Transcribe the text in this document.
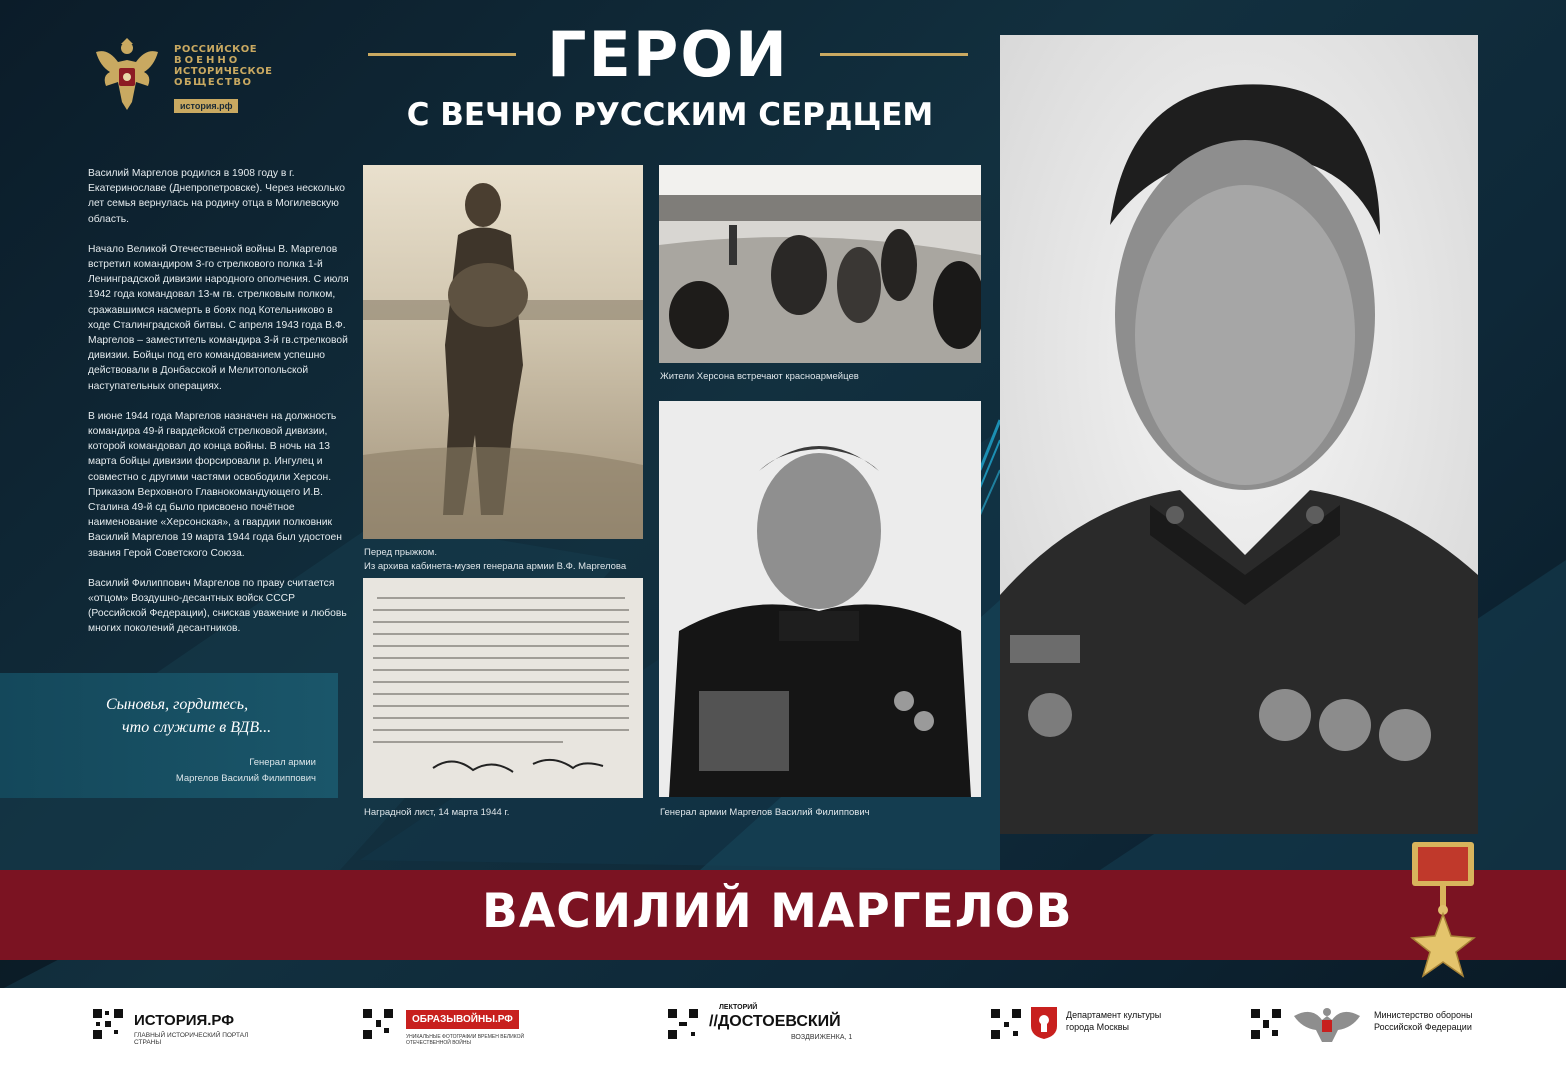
РОССИЙСКОЕ
ВОЕННО
ИСТОРИЧЕСКОЕ
ОБЩЕСТВО
история.рф
ГЕРОИ
С ВЕЧНО РУССКИМ СЕРДЦЕМ

Василий Маргелов родился в 1908 году в г. Екатеринославе (Днепропетровске). Через несколько лет семья вернулась на родину отца в Могилевскую область.

Начало Великой Отечественной войны В. Маргелов встретил командиром 3-го стрелкового полка 1-й Ленинградской дивизии народного ополчения. С июля 1942 года командовал 13-м гв. стрелковым полком, сражавшимся насмерть в боях под Котельниково в ходе Сталинградской битвы. С апреля 1943 года В.Ф. Маргелов – заместитель командира 3-й гв.стрелковой дивизии. Бойцы под его командованием успешно действовали в Донбасской и Мелитопольской наступательных операциях.

В июне 1944 года Маргелов назначен на должность командира 49-й гвардейской стрелковой дивизии, которой командовал до конца войны. В ночь на 13 марта бойцы дивизии форсировали р. Ингулец и совместно с другими частями освободили Херсон. Приказом Верховного Главнокомандующего И.В. Сталина 49-й сд было присвоено почётное наименование «Херсонская», а гвардии полковник Василий Маргелов 19 марта 1944 года был удостоен звания Герой Советского Союза.

Василий Филиппович Маргелов по праву считается «отцом» Воздушно-десантных войск СССР (Российской Федерации), снискав уважение и любовь многих поколений десантников.

Сыновья, гордитесь,
что служите в ВДВ...
Генерал армии
Маргелов Василий Филиппович
Перед прыжком.
Из архива кабинета-музея генерала армии В.Ф. Маргелова
Жители Херсона встречают красноармейцев
Генерал армии Маргелов Василий Филиппович
Наградной лист, 14 марта 1944 г.
ВАСИЛИЙ МАРГЕЛОВ
ИСТОРИЯ.РФ
ГЛАВНЫЙ ИСТОРИЧЕСКИЙ ПОРТАЛ СТРАНЫ
ОБРАЗЫВОЙНЫ.РФ
УНИКАЛЬНЫЕ ФОТОГРАФИИ ВРЕМЕН ВЕЛИКОЙ ОТЕЧЕСТВЕННОЙ ВОЙНЫ
ЛЕКТОРИЙ
//ДОСТОЕВСКИЙ
ВОЗДВИЖЕНКА, 1
Департамент культуры
города Москвы
Министерство обороны
Российской Федерации
